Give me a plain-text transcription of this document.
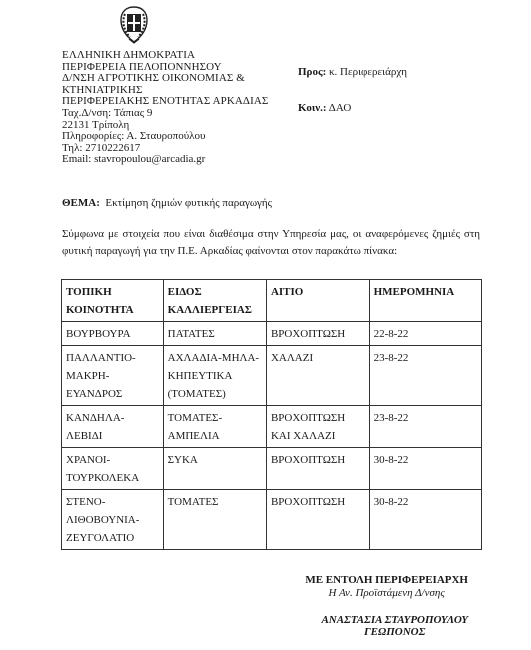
ΕΛΛΗΝΙΚΗ ΔΗΜΟΚΡΑΤΙΑ
ΠΕΡΙΦΕΡΕΙΑ ΠΕΛΟΠΟΝΝΗΣΟΥ
Δ/ΝΣΗ ΑΓΡΟΤΙΚΗΣ ΟΙΚΟΝΟΜΙΑΣ &
ΚΤΗΝΙΑΤΡΙΚΗΣ
ΠΕΡΙΦΕΡΕΙΑΚΗΣ ΕΝΟΤΗΤΑΣ ΑΡΚΑΔΙΑΣ
Ταχ.Δ/νση: Τάπιας 9
22131 Τρίπολη
Πληροφορίες: Α. Σταυροπούλου
Τηλ: 2710222617
Email: stavropoulou@arcadia.gr
Προς: κ. Περιφερειάρχη
Κοιν.: ΔΑΟ
ΘΕΜΑ: Εκτίμηση ζημιών φυτικής παραγωγής
Σύμφωνα με στοιχεία που είναι διαθέσιμα στην Υπηρεσία μας, οι αναφερόμενες ζημιές στη φυτική παραγωγή για την Π.Ε. Αρκαδίας φαίνονται στον παρακάτω πίνακα:
ΤΟΠΙΚΗ ΚΟΙΝΟΤΗΤΑ	ΕΙΔΟΣ ΚΑΛΛΙΕΡΓΕΙΑΣ	ΑΙΤΙΟ	ΗΜΕΡΟΜΗΝΙΑ
ΒΟΥΡΒΟΥΡΑ	ΠΑΤΑΤΕΣ	ΒΡΟΧΟΠΤΩΣΗ	22-8-22
ΠΑΛΛΑΝΤΙΟ-ΜΑΚΡΗ-ΕΥΑΝΔΡΟΣ	ΑΧΛΑΔΙΑ-ΜΗΛΑ-ΚΗΠΕΥΤΙΚΑ (ΤΟΜΑΤΕΣ)	ΧΑΛΑΖΙ	23-8-22
ΚΑΝΔΗΛΑ-ΛΕΒΙΔΙ	ΤΟΜΑΤΕΣ-ΑΜΠΕΛΙΑ	ΒΡΟΧΟΠΤΩΣΗ ΚΑΙ ΧΑΛΑΖΙ	23-8-22
ΧΡΑΝΟΙ-ΤΟΥΡΚΟΛΕΚΑ	ΣΥΚΑ	ΒΡΟΧΟΠΤΩΣΗ	30-8-22
ΣΤΕΝΟ-ΛΙΘΟΒΟΥΝΙΑ-ΖΕΥΓΟΛΑΤΙΟ	ΤΟΜΑΤΕΣ	ΒΡΟΧΟΠΤΩΣΗ	30-8-22
ΜΕ ΕΝΤΟΛΗ ΠΕΡΙΦΕΡΕΙΑΡΧΗ
Η Αν. Προϊστάμενη Δ/νσης
ΑΝΑΣΤΑΣΙΑ ΣΤΑΥΡΟΠΟΥΛΟΥ
ΓΕΩΠΟΝΟΣ
